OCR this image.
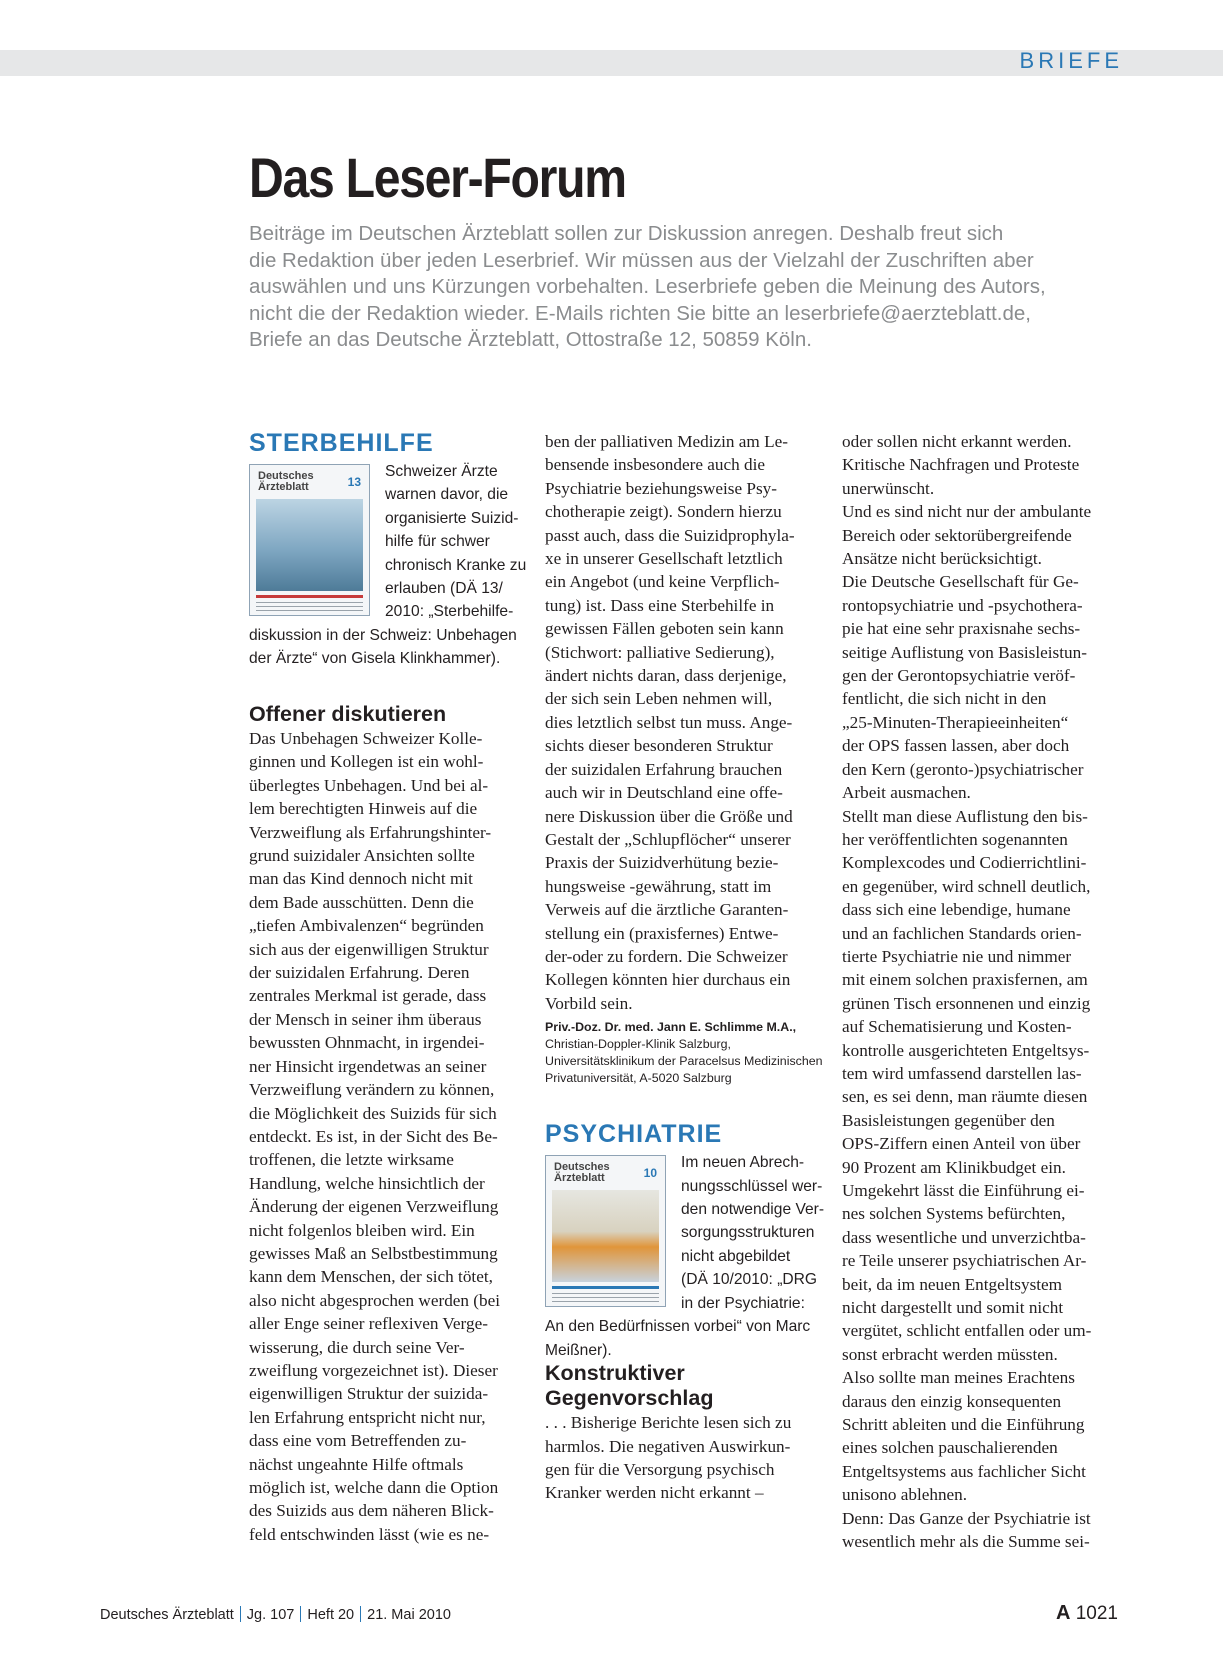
BRIEFE
Das Leser-Forum
Beiträge im Deutschen Ärzteblatt sollen zur Diskussion anregen. Deshalb freut sich
die Redaktion über jeden Leserbrief. Wir müssen aus der Vielzahl der Zuschriften aber
auswählen und uns Kürzungen vorbehalten. Leserbriefe geben die Meinung des Autors,
nicht die der Redaktion wieder. E-Mails richten Sie bitte an leserbriefe@aerzteblatt.de,
Briefe an das Deutsche Ärzteblatt, Ottostraße 12, 50859 Köln.
STERBEHILFE
Deutsches
Ärzteblatt	13
Schweizer Ärzte
warnen davor, die
organisierte Suizid-
hilfe für schwer
chronisch Kranke zu
erlauben (DÄ 13/
2010: „Sterbehilfe-
diskussion in der Schweiz: Unbehagen
der Ärzte“ von Gisela Klinkhammer).
Offener diskutieren
Das Unbehagen Schweizer Kolle-
ginnen und Kollegen ist ein wohl-
überlegtes Unbehagen. Und bei al-
lem berechtigten Hinweis auf die
Verzweiflung als Erfahrungshinter-
grund suizidaler Ansichten sollte
man das Kind dennoch nicht mit
dem Bade ausschütten. Denn die
„tiefen Ambivalenzen“ begründen
sich aus der eigenwilligen Struktur
der suizidalen Erfahrung. Deren
zentrales Merkmal ist gerade, dass
der Mensch in seiner ihm überaus
bewussten Ohnmacht, in irgendei-
ner Hinsicht irgendetwas an seiner
Verzweiflung verändern zu können,
die Möglichkeit des Suizids für sich
entdeckt. Es ist, in der Sicht des Be-
troffenen, die letzte wirksame
Handlung, welche hinsichtlich der
Änderung der eigenen Verzweiflung
nicht folgenlos bleiben wird. Ein
gewisses Maß an Selbstbestimmung
kann dem Menschen, der sich tötet,
also nicht abgesprochen werden (bei
aller Enge seiner reflexiven Verge-
wisserung, die durch seine Ver-
zweiflung vorgezeichnet ist). Dieser
eigenwilligen Struktur der suizida-
len Erfahrung entspricht nicht nur,
dass eine vom Betreffenden zu-
nächst ungeahnte Hilfe oftmals
möglich ist, welche dann die Option
des Suizids aus dem näheren Blick-
feld entschwinden lässt (wie es ne-
ben der palliativen Medizin am Le-
bensende insbesondere auch die
Psychiatrie beziehungsweise Psy-
chotherapie zeigt). Sondern hierzu
passt auch, dass die Suizidprophyla-
xe in unserer Gesellschaft letztlich
ein Angebot (und keine Verpflich-
tung) ist. Dass eine Sterbehilfe in
gewissen Fällen geboten sein kann
(Stichwort: palliative Sedierung),
ändert nichts daran, dass derjenige,
der sich sein Leben nehmen will,
dies letztlich selbst tun muss. Ange-
sichts dieser besonderen Struktur
der suizidalen Erfahrung brauchen
auch wir in Deutschland eine offe-
nere Diskussion über die Größe und
Gestalt der „Schlupflöcher“ unserer
Praxis der Suizidverhütung bezie-
hungsweise -gewährung, statt im
Verweis auf die ärztliche Garanten-
stellung ein (praxisfernes) Entwe-
der-oder zu fordern. Die Schweizer
Kollegen könnten hier durchaus ein
Vorbild sein.
Priv.-Doz. Dr. med. Jann E. Schlimme M.A.,
Christian-Doppler-Klinik Salzburg,
Universitätsklinikum der Paracelsus Medizinischen
Privatuniversität, A-5020 Salzburg
PSYCHIATRIE
Deutsches
Ärzteblatt	10
Im neuen Abrech-
nungsschlüssel wer-
den notwendige Ver-
sorgungsstrukturen
nicht abgebildet
(DÄ 10/2010: „DRG
in der Psychiatrie:
An den Bedürfnissen vorbei“ von Marc
Meißner).
Konstruktiver
Gegenvorschlag
. . . Bisherige Berichte lesen sich zu
harmlos. Die negativen Auswirkun-
gen für die Versorgung psychisch
Kranker werden nicht erkannt –
oder sollen nicht erkannt werden.
Kritische Nachfragen und Proteste
unerwünscht.
Und es sind nicht nur der ambulante
Bereich oder sektorübergreifende
Ansätze nicht berücksichtigt.
Die Deutsche Gesellschaft für Ge-
rontopsychiatrie und -psychothera-
pie hat eine sehr praxisnahe sechs-
seitige Auflistung von Basisleistun-
gen der Gerontopsychiatrie veröf-
fentlicht, die sich nicht in den
„25-Minuten-Therapieeinheiten“
der OPS fassen lassen, aber doch
den Kern (geronto-)psychiatrischer
Arbeit ausmachen.
Stellt man diese Auflistung den bis-
her veröffentlichten sogenannten
Komplexcodes und Codierrichtlini-
en gegenüber, wird schnell deutlich,
dass sich eine lebendige, humane
und an fachlichen Standards orien-
tierte Psychiatrie nie und nimmer
mit einem solchen praxisfernen, am
grünen Tisch ersonnenen und einzig
auf Schematisierung und Kosten-
kontrolle ausgerichteten Entgeltsys-
tem wird umfassend darstellen las-
sen, es sei denn, man räumte diesen
Basisleistungen gegenüber den
OPS-Ziffern einen Anteil von über
90 Prozent am Klinikbudget ein.
Umgekehrt lässt die Einführung ei-
nes solchen Systems befürchten,
dass wesentliche und unverzichtba-
re Teile unserer psychiatrischen Ar-
beit, da im neuen Entgeltsystem
nicht dargestellt und somit nicht
vergütet, schlicht entfallen oder um-
sonst erbracht werden müssten.
Also sollte man meines Erachtens
daraus den einzig konsequenten
Schritt ableiten und die Einführung
eines solchen pauschalierenden
Entgeltsystems aus fachlicher Sicht
unisono ablehnen.
Denn: Das Ganze der Psychiatrie ist
wesentlich mehr als die Summe sei-
Deutsches Ärzteblatt Jg. 107 Heft 20 21. Mai 2010	A 1021
